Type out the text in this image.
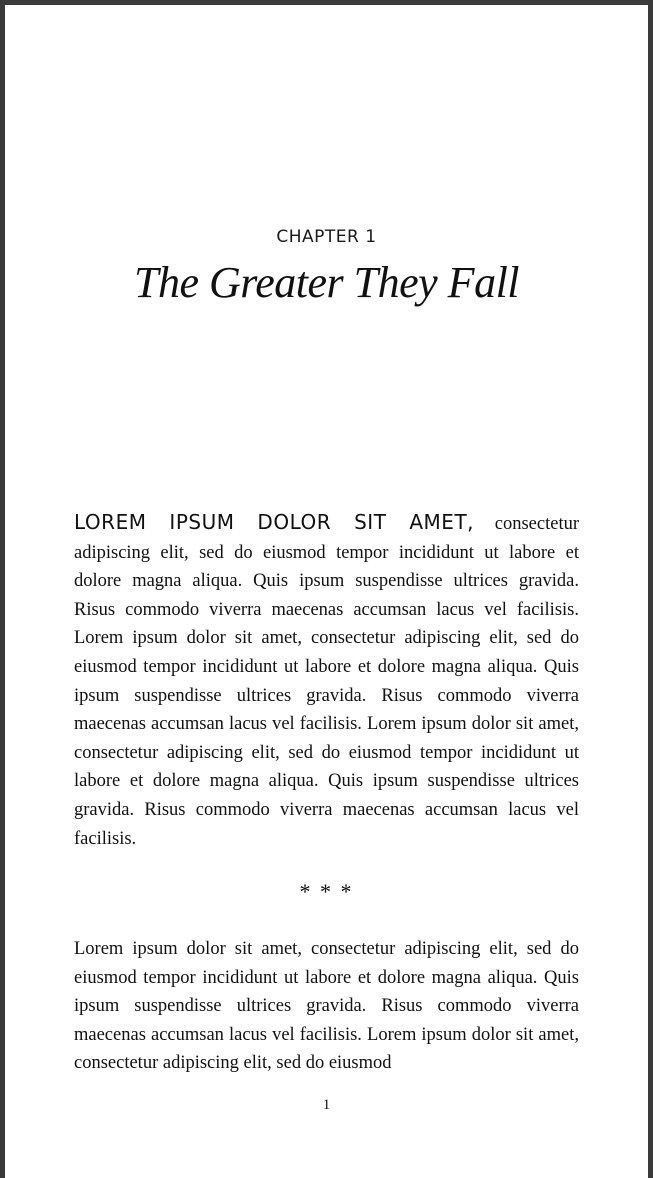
CHAPTER 1
The Greater They Fall

LOREM IPSUM DOLOR SIT AMET, consectetur adipiscing elit, sed do eiusmod tempor incididunt ut labore et dolore magna aliqua. Quis ipsum suspendisse ultrices gravida. Risus commodo viverra maecenas accumsan lacus vel facilisis. Lorem ipsum dolor sit amet, consectetur adipiscing elit, sed do eiusmod tempor incididunt ut labore et dolore magna aliqua. Quis ipsum suspendisse ultrices gravida. Risus commodo viverra maecenas accumsan lacus vel facilisis. Lorem ipsum dolor sit amet, consectetur adipiscing elit, sed do eiusmod tempor incididunt ut labore et dolore magna aliqua. Quis ipsum suspendisse ultrices gravida. Risus commodo viverra maecenas accumsan lacus vel facilisis.

* * *

Lorem ipsum dolor sit amet, consectetur adipiscing elit, sed do eiusmod tempor incididunt ut labore et dolore magna aliqua. Quis ipsum suspendisse ultrices gravida. Risus commodo viverra maecenas accumsan lacus vel facilisis. Lorem ipsum dolor sit amet, consectetur adipiscing elit, sed do eiusmod

1
